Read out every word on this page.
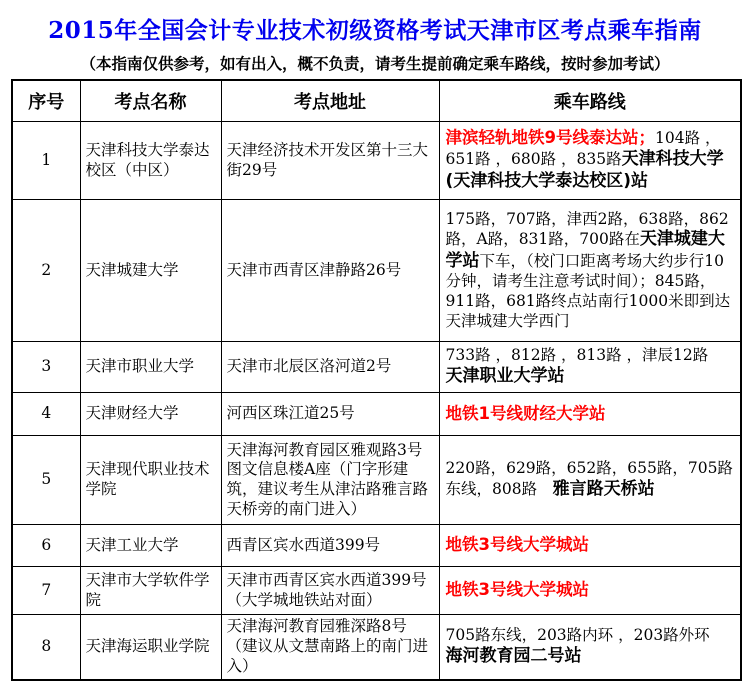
2015年全国会计专业技术初级资格考试天津市区考点乘车指南
（本指南仅供参考，如有出入，概不负责，请考生提前确定乘车路线，按时参加考试）
序号	考点名称	考点地址	乘车路线
1	天津科技大学泰达校区（中区）	天津经济技术开发区第十三大街29号	津滨轻轨地铁9号线泰达站；104路 ，651路 ，680路 ，835路天津科技大学(天津科技大学泰达校区)站
2	天津城建大学	天津市西青区津静路26号	175路，707路，津西2路，638路，862路，A路，831路，700路在天津城建大学站下车，（校门口距离考场大约步行10分钟，请考生注意考试时间）；845路，911路，681路终点站南行1000米即到达天津城建大学西门
3	天津市职业大学	天津市北辰区洛河道2号	733路 ，812路 ，813路 ，津辰12路
天津职业大学站
4	天津财经大学	河西区珠江道25号	地铁1号线财经大学站
5	天津现代职业技术学院	天津海河教育园区雅观路3号图文信息楼A座（门字形建筑，建议考生从津沽路雅言路天桥旁的南门进入）	220路，629路，652路，655路，705路东线，808路　雅言路天桥站
6	天津工业大学	西青区宾水西道399号	地铁3号线大学城站
7	天津市大学软件学院	天津市西青区宾水西道399号（大学城地铁站对面）	地铁3号线大学城站
8	天津海运职业学院	天津海河教育园雅深路8号（建议从文慧南路上的南门进入）	705路东线，203路内环 ，203路外环
海河教育园二号站
